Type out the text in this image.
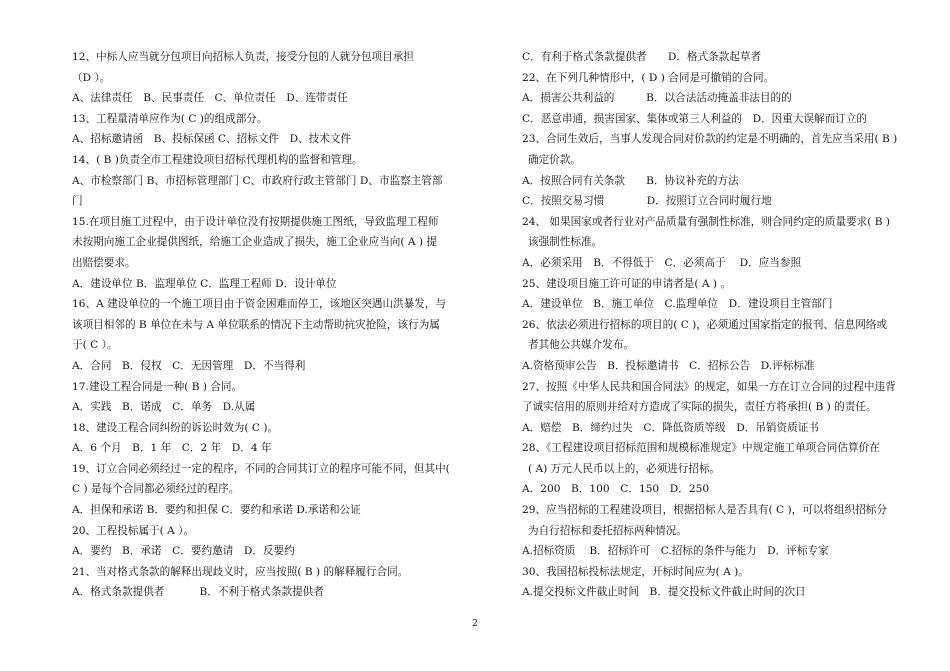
12、中标人应当就分包项目向招标人负责，接受分包的人就分包项目承担
（D ）。
A、法律责任　B、民事责任　C、单位责任　D、连带责任
13、工程量清单应作为( C )的组成部分。
A、招标邀请函　B、投标保函 C、招标文件　D、技术文件
14、( B )负责全市工程建设项目招标代理机构的监督和管理。
A、市检察部门 B、市招标管理部门 C、市政府行政主管部门 D、市监察主管部
门
15.在项目施工过程中，由于设计单位没有按期提供施工图纸，导致监理工程师
未按期向施工企业提供图纸，给施工企业造成了损失，施工企业应当向( A ) 提
出赔偿要求。
A．建设单位 B．监理单位 C．监理工程师 D．设计单位
16、A 建设单位的一个施工项目由于资金困难而停工，该地区突遇山洪暴发，与
该项目相邻的 B 单位在未与 A 单位联系的情况下主动帮助抗灾抢险，该行为属
于( C ）。
A．合同　B．侵权　C．无因管理　D．不当得利
17.建设工程合同是一种( B ) 合同。
A．实践　B．诺成　C．单务　D.从属
18、建设工程合同纠纷的诉讼时效为( C )。
A．6 个月　B．1 年　C．2 年　D．4 年
19、订立合同必须经过一定的程序，不同的合同其订立的程序可能不同，但其中(
C ) 是每个合同都必须经过的程序。
A．担保和承诺 B．要约和担保 C．要约和承诺 D.承诺和公证
20、工程投标属于( A ）。
A．要约　B．承诺　C．要约邀请　D．反要约
21、当对格式条款的解释出现歧义时，应当按照( B ) 的解释履行合同。
A．格式条款提供者　　　 B．不利于格式条款提供者
C．有利于格式条款提供者　　D．格式条款起草者
22、在下列几种情形中，( D ) 合同是可撤销的合同。
A．损害公共利益的　　　B．以合法活动掩盖非法目的的
C．恶意串通，损害国家、集体或第三人利益的　D．因重大误解而订立的
23、合同生效后，当事人发现合同对价款的约定是不明确的，首先应当采用( B )
确定价款。
A．按照合同有关条款　　B．协议补充的方法
C．按照交易习惯　　　　D．按照订立合同时履行地
24、 如果国家或者行业对产品质量有强制性标准，则合同约定的质量要求( B )
该强制性标准。
A．必须采用　B．不得低于　C．必须高于　 D．应当参照
25、建设项目施工许可证的申请者是( A ) 。
A．建设单位　B．施工单位　C.监理单位　D．建设项目主管部门
26、依法必须进行招标的项目的( C )，必须通过国家指定的报刊、信息网络或
者其他公共媒介发布。
A.资格预审公告　B．投标邀请书　C．招标公告　D.评标标准
27、按照《中华人民共和国合同法》的规定，如果一方在订立合同的过程中违背
了诚实信用的原则并给对方造成了实际的损失，责任方将承担( B ) 的责任。
A．赔偿　B．缔约过失　C．降低资质等级　D．吊销资质证书
28、《工程建设项目招标范围和规模标准规定》中规定施工单项合同估算价在
( A) 万元人民币以上的，必须进行招标。
A．200　B．100　C．150　D．250
29、应当招标的工程建设项目，根据招标人是否具有( C )，可以将组织招标分
为自行招标和委托招标两种情况。
A.招标资质　 B．招标许可　C.招标的条件与能力　D．评标专家
30、我国招标投标法规定，开标时间应为( A )。
A.提交投标文件截止时间　B．提交投标文件截止时间的次日
2
